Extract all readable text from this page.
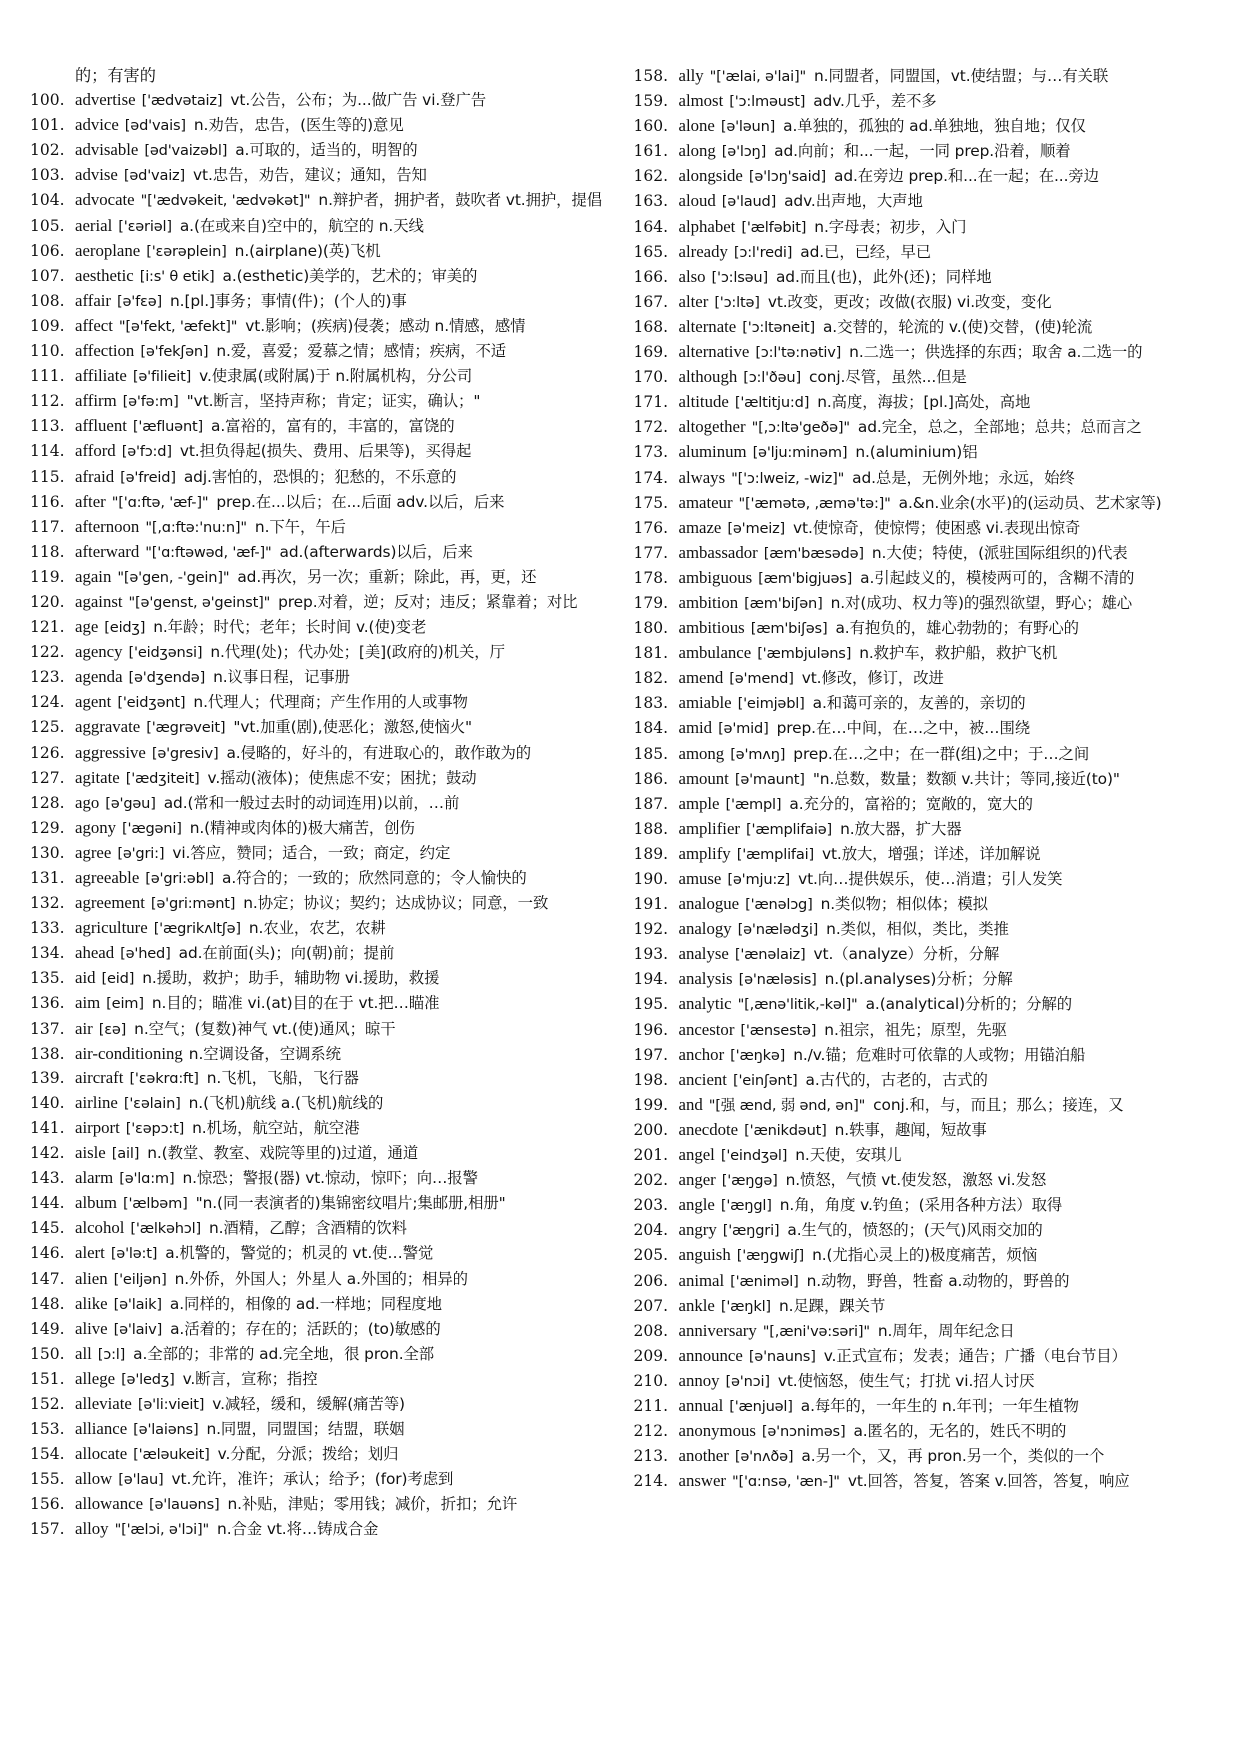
的；有害的
100. advertise ['ædvətaiz] vt.公告，公布；为...做广告 vi.登广告
101. advice [əd'vais] n.劝告，忠告，(医生等的)意见
102. advisable [əd'vaizəbl] a.可取的，适当的，明智的
103. advise [əd'vaiz] vt.忠告，劝告，建议；通知，告知
104. advocate "['ædvəkeit, 'ædvəkət]" n.辩护者，拥护者，鼓吹者 vt.拥护，提倡
105. aerial ['ɛəriəl] a.(在或来自)空中的，航空的 n.天线
106. aeroplane ['ɛərəplein] n.(airplane)(英)飞机
107. aesthetic [i:s' θ etik] a.(esthetic)美学的，艺术的；审美的
108. affair [ə'fɛə] n.[pl.]事务；事情(件)；(个人的)事
109. affect "[ə'fekt, 'æfekt]" vt.影响；(疾病)侵袭；感动 n.情感，感情
110. affection [ə'fekʃən] n.爱，喜爱；爱慕之情；感情；疾病，不适
111. affiliate [ə'filieit] v.使隶属(或附属)于 n.附属机构，分公司
112. affirm [ə'fə:m] "vt.断言，坚持声称；肯定；证实，确认；"
113. affluent ['æfluənt] a.富裕的，富有的，丰富的，富饶的
114. afford [ə'fɔ:d] vt.担负得起(损失、费用、后果等)，买得起
115. afraid [ə'freid] adj.害怕的，恐惧的；犯愁的，不乐意的
116. after "['ɑ:ftə, 'æf-]" prep.在...以后；在...后面 adv.以后，后来
117. afternoon "[,ɑ:ftə:'nu:n]" n.下午，午后
118. afterward "['ɑ:ftəwəd, 'æf-]" ad.(afterwards)以后，后来
119. again "[ə'gen, -'gein]" ad.再次，另一次；重新；除此，再，更，还
120. against "[ə'genst, ə'geinst]" prep.对着，逆；反对；违反；紧靠着；对比
121. age [eidʒ] n.年龄；时代；老年；长时间 v.(使)变老
122. agency ['eidʒənsi] n.代理(处)；代办处；[美](政府的)机关，厅
123. agenda [ə'dʒendə] n.议事日程，记事册
124. agent ['eidʒənt] n.代理人；代理商；产生作用的人或事物
125. aggravate ['ægrəveit] "vt.加重(剧),使恶化；激怒,使恼火"
126. aggressive [ə'gresiv] a.侵略的，好斗的，有进取心的，敢作敢为的
127. agitate ['ædʒiteit] v.摇动(液体)；使焦虑不安；困扰；鼓动
128. ago [ə'gəu] ad.(常和一般过去时的动词连用)以前，…前
129. agony ['ægəni] n.(精神或肉体的)极大痛苦，创伤
130. agree [ə'gri:] vi.答应，赞同；适合，一致；商定，约定
131. agreeable [ə'gri:əbl] a.符合的；一致的；欣然同意的；令人愉快的
132. agreement [ə'gri:mənt] n.协定；协议；契约；达成协议；同意，一致
133. agriculture ['ægrikʌltʃə] n.农业，农艺，农耕
134. ahead [ə'hed] ad.在前面(头)；向(朝)前；提前
135. aid [eid] n.援助，救护；助手，辅助物 vi.援助，救援
136. aim [eim] n.目的；瞄准 vi.(at)目的在于 vt.把…瞄准
137. air [ɛə] n.空气；(复数)神气 vt.(使)通风；晾干
138. air-conditioning n.空调设备，空调系统
139. aircraft ['ɛəkrɑ:ft] n.飞机，飞船，飞行器
140. airline ['ɛəlain] n.(飞机)航线 a.(飞机)航线的
141. airport ['ɛəpɔ:t] n.机场，航空站，航空港
142. aisle [ail] n.(教堂、教室、戏院等里的)过道，通道
143. alarm [ə'lɑ:m] n.惊恐；警报(器) vt.惊动，惊吓；向…报警
144. album ['ælbəm] "n.(同一表演者的)集锦密纹唱片;集邮册,相册"
145. alcohol ['ælkəhɔl] n.酒精，乙醇；含酒精的饮料
146. alert [ə'lə:t] a.机警的，警觉的；机灵的 vt.使…警觉
147. alien ['eiljən] n.外侨，外国人；外星人 a.外国的；相异的
148. alike [ə'laik] a.同样的，相像的 ad.一样地；同程度地
149. alive [ə'laiv] a.活着的；存在的；活跃的；(to)敏感的
150. all [ɔ:l] a.全部的；非常的 ad.完全地，很 pron.全部
151. allege [ə'ledʒ] v.断言，宣称；指控
152. alleviate [ə'li:vieit] v.减轻，缓和，缓解(痛苦等)
153. alliance [ə'laiəns] n.同盟，同盟国；结盟，联姻
154. allocate ['æləukeit] v.分配，分派；拨给；划归
155. allow [ə'lau] vt.允许，准许；承认；给予；(for)考虑到
156. allowance [ə'lauəns] n.补贴，津贴；零用钱；减价，折扣；允许
157. alloy "['ælɔi, ə'lɔi]" n.合金 vt.将…铸成合金
158. ally "['ælai, ə'lai]" n.同盟者，同盟国，vt.使结盟；与…有关联
159. almost ['ɔ:lməust] adv.几乎，差不多
160. alone [ə'ləun] a.单独的，孤独的 ad.单独地，独自地；仅仅
161. along [ə'lɔŋ] ad.向前；和...一起，一同 prep.沿着，顺着
162. alongside [ə'lɔŋ'said] ad.在旁边 prep.和...在一起；在...旁边
163. aloud [ə'laud] adv.出声地，大声地
164. alphabet ['ælfəbit] n.字母表；初步，入门
165. already [ɔ:l'redi] ad.已，已经，早已
166. also ['ɔ:lsəu] ad.而且(也)，此外(还)；同样地
167. alter ['ɔ:ltə] vt.改变，更改；改做(衣服) vi.改变，变化
168. alternate ['ɔ:ltəneit] a.交替的，轮流的 v.(使)交替，(使)轮流
169. alternative [ɔ:l'tə:nətiv] n.二选一；供选择的东西；取舍 a.二选一的
170. although [ɔ:l'ðəu] conj.尽管，虽然...但是
171. altitude ['æltitju:d] n.高度，海拔；[pl.]高处，高地
172. altogether "[,ɔ:ltə'geðə]" ad.完全，总之，全部地；总共；总而言之
173. aluminum [ə'lju:minəm] n.(aluminium)铝
174. always "['ɔ:lweiz, -wiz]" ad.总是，无例外地；永远，始终
175. amateur "['æmətə, ,æmə'tə:]" a.&n.业余(水平)的(运动员、艺术家等)
176. amaze [ə'meiz] vt.使惊奇，使惊愕；使困惑 vi.表现出惊奇
177. ambassador [æm'bæsədə] n.大使；特使，(派驻国际组织的)代表
178. ambiguous [æm'bigjuəs] a.引起歧义的，模棱两可的，含糊不清的
179. ambition [æm'biʃən] n.对(成功、权力等)的强烈欲望，野心；雄心
180. ambitious [æm'biʃəs] a.有抱负的，雄心勃勃的；有野心的
181. ambulance ['æmbjuləns] n.救护车，救护船，救护飞机
182. amend [ə'mend] vt.修改，修订，改进
183. amiable ['eimjəbl] a.和蔼可亲的，友善的，亲切的
184. amid [ə'mid] prep.在…中间，在…之中，被…围绕
185. among [ə'mʌŋ] prep.在…之中；在一群(组)之中；于…之间
186. amount [ə'maunt] "n.总数，数量；数额 v.共计；等同,接近(to)"
187. ample ['æmpl] a.充分的，富裕的；宽敞的，宽大的
188. amplifier ['æmplifaiə] n.放大器，扩大器
189. amplify ['æmplifai] vt.放大，增强；详述，详加解说
190. amuse [ə'mju:z] vt.向…提供娱乐，使…消遣；引人发笑
191. analogue ['ænəlɔg] n.类似物；相似体；模拟
192. analogy [ə'nælədʒi] n.类似，相似，类比，类推
193. analyse ['ænəlaiz] vt.（analyze）分析，分解
194. analysis [ə'næləsis] n.(pl.analyses)分析；分解
195. analytic "[,ænə'litik,-kəl]" a.(analytical)分析的；分解的
196. ancestor ['ænsestə] n.祖宗，祖先；原型，先驱
197. anchor ['æŋkə] n./v.锚；危难时可依靠的人或物；用锚泊船
198. ancient ['einʃənt] a.古代的，古老的，古式的
199. and "[强 ænd, 弱 ənd, ən]" conj.和，与，而且；那么；接连，又
200. anecdote ['ænikdəut] n.轶事，趣闻，短故事
201. angel ['eindʒəl] n.天使，安琪儿
202. anger ['æŋgə] n.愤怒，气愤 vt.使发怒，激怒 vi.发怒
203. angle ['æŋgl] n.角，角度 v.钓鱼；(采用各种方法）取得
204. angry ['æŋgri] a.生气的，愤怒的；(天气)风雨交加的
205. anguish ['æŋgwiʃ] n.(尤指心灵上的)极度痛苦，烦恼
206. animal ['æniməl] n.动物，野兽，牲畜 a.动物的，野兽的
207. ankle ['æŋkl] n.足踝，踝关节
208. anniversary "[,æni'və:səri]" n.周年，周年纪念日
209. announce [ə'nauns] v.正式宣布；发表；通告；广播（电台节目）
210. annoy [ə'nɔi] vt.使恼怒，使生气；打扰 vi.招人讨厌
211. annual ['ænjuəl] a.每年的，一年生的 n.年刊；一年生植物
212. anonymous [ə'nɔniməs] a.匿名的，无名的，姓氏不明的
213. another [ə'nʌðə] a.另一个，又，再 pron.另一个，类似的一个
214. answer "['ɑ:nsə, 'æn-]" vt.回答，答复，答案 v.回答，答复，响应
